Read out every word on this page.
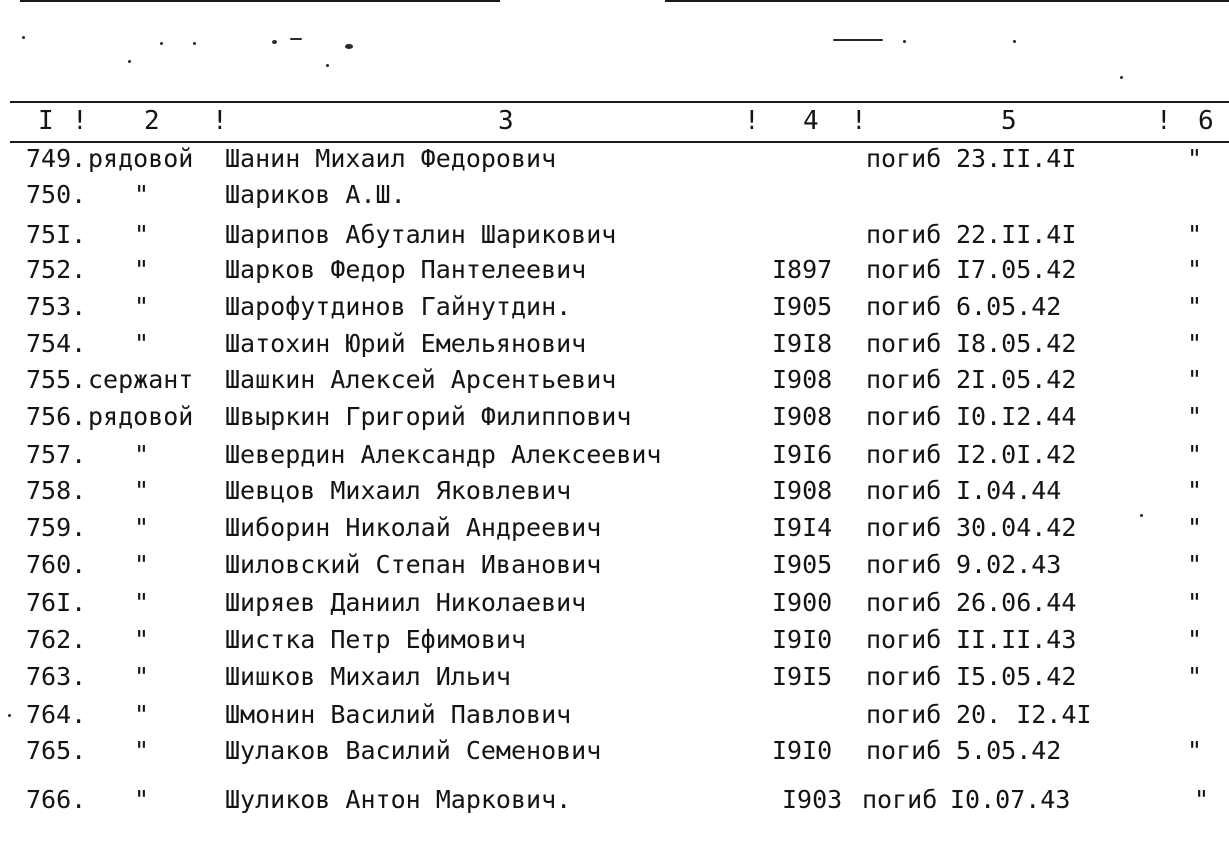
I ! 2 !	3	! 4 !	5	! 6
749. рядовой Шанин Михаил Федорович	погиб 23.II.4I	"
750. "	Шариков А.Ш.
75I. "	Шарипов Абуталин Шарикович	погиб 22.II.4I	"
752. "	Шарков Федор Пантелеевич	I897 погиб I7.05.42	"
753. "	Шарофутдинов Гайнутдин.	I905 погиб 6.05.42	"
754. "	Шатохин Юрий Емельянович	I9I8 погиб I8.05.42	"
755. сержант Шашкин Алексей Арсентьевич	I908 погиб 2I.05.42	"
756. рядовой Швыркин Григорий Филиппович	I908 погиб I0.I2.44	"
757. "	Шевердин Александр Алексеевич	I9I6 погиб I2.0I.42	"
758. "	Шевцов Михаил Яковлевич	I908 погиб I.04.44	"
759. "	Шиборин Николай Андреевич	I9I4 погиб 30.04.42	"
760. "	Шиловский Степан Иванович	I905 погиб 9.02.43	"
76I. "	Ширяев Даниил Николаевич	I900 погиб 26.06.44	"
762. "	Шистка Петр Ефимович	I9I0 погиб II.II.43	"
763. "	Шишков Михаил Ильич	I9I5 погиб I5.05.42	"
764. "	Шмонин Василий Павлович	погиб 20. I2.4I
765. "	Шулаков Василий Семенович	I9I0 погиб 5.05.42	"
766. "	Шуликов Антон Маркович.	I903 погиб I0.07.43	"
